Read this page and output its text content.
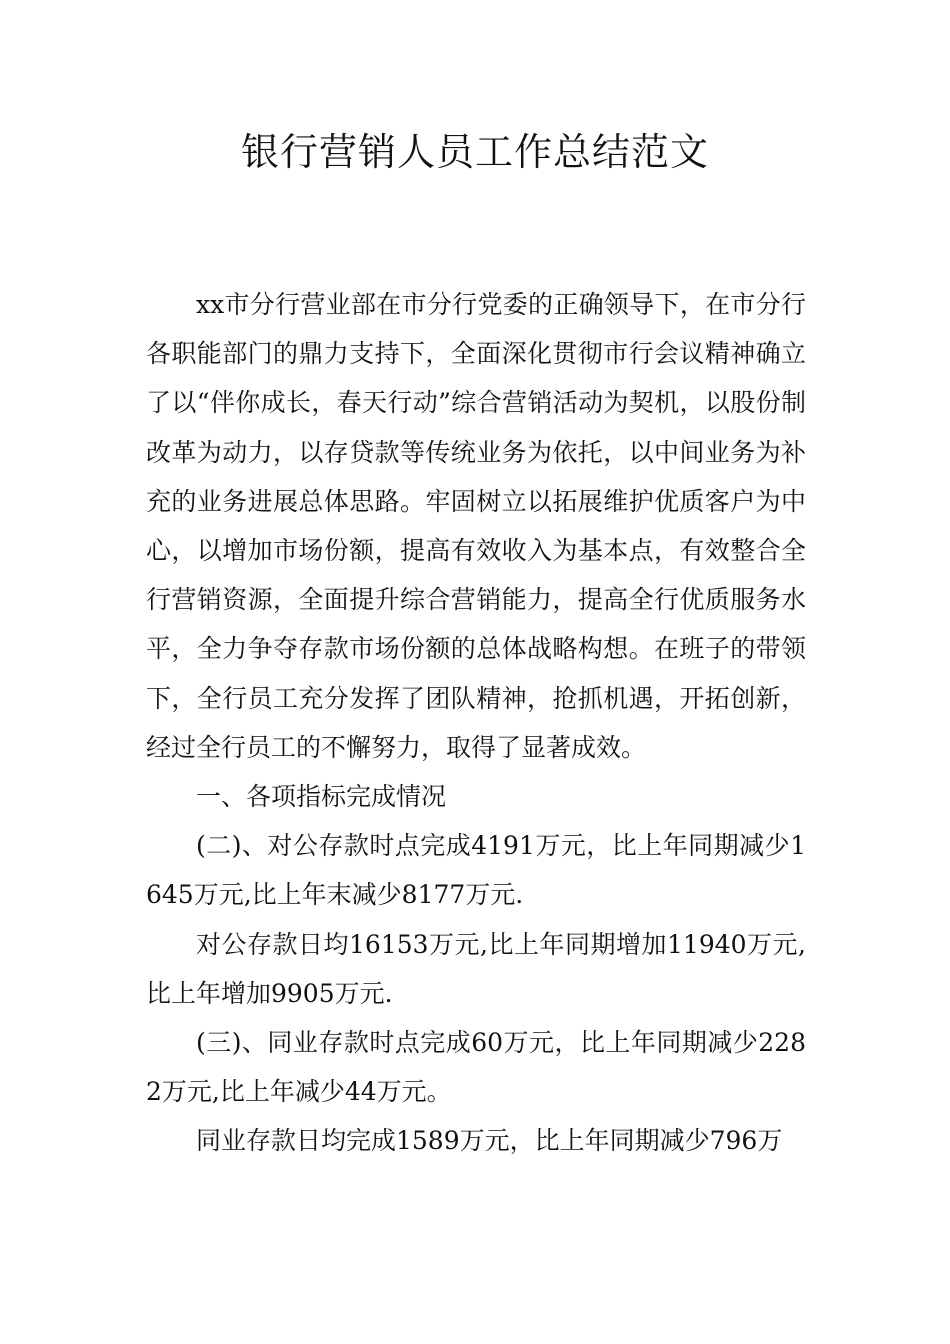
银行营销人员工作总结范文

xx市分行营业部在市分行党委的正确领导下，在市分行各职能部门的鼎力支持下，全面深化贯彻市行会议精神确立了以“伴你成长，春天行动”综合营销活动为契机，以股份制改革为动力，以存贷款等传统业务为依托，以中间业务为补充的业务进展总体思路。牢固树立以拓展维护优质客户为中心，以增加市场份额，提高有效收入为基本点，有效整合全行营销资源，全面提升综合营销能力，提高全行优质服务水平，全力争夺存款市场份额的总体战略构想。在班子的带领下，全行员工充分发挥了团队精神，抢抓机遇，开拓创新，经过全行员工的不懈努力，取得了显著成效。

一、各项指标完成情况

(二)、对公存款时点完成4191万元，比上年同期减少1645万元,比上年末减少8177万元.

对公存款日均16153万元,比上年同期增加11940万元,比上年增加9905万元.

(三)、同业存款时点完成60万元，比上年同期减少2282万元,比上年减少44万元。

同业存款日均完成1589万元，比上年同期减少796万
